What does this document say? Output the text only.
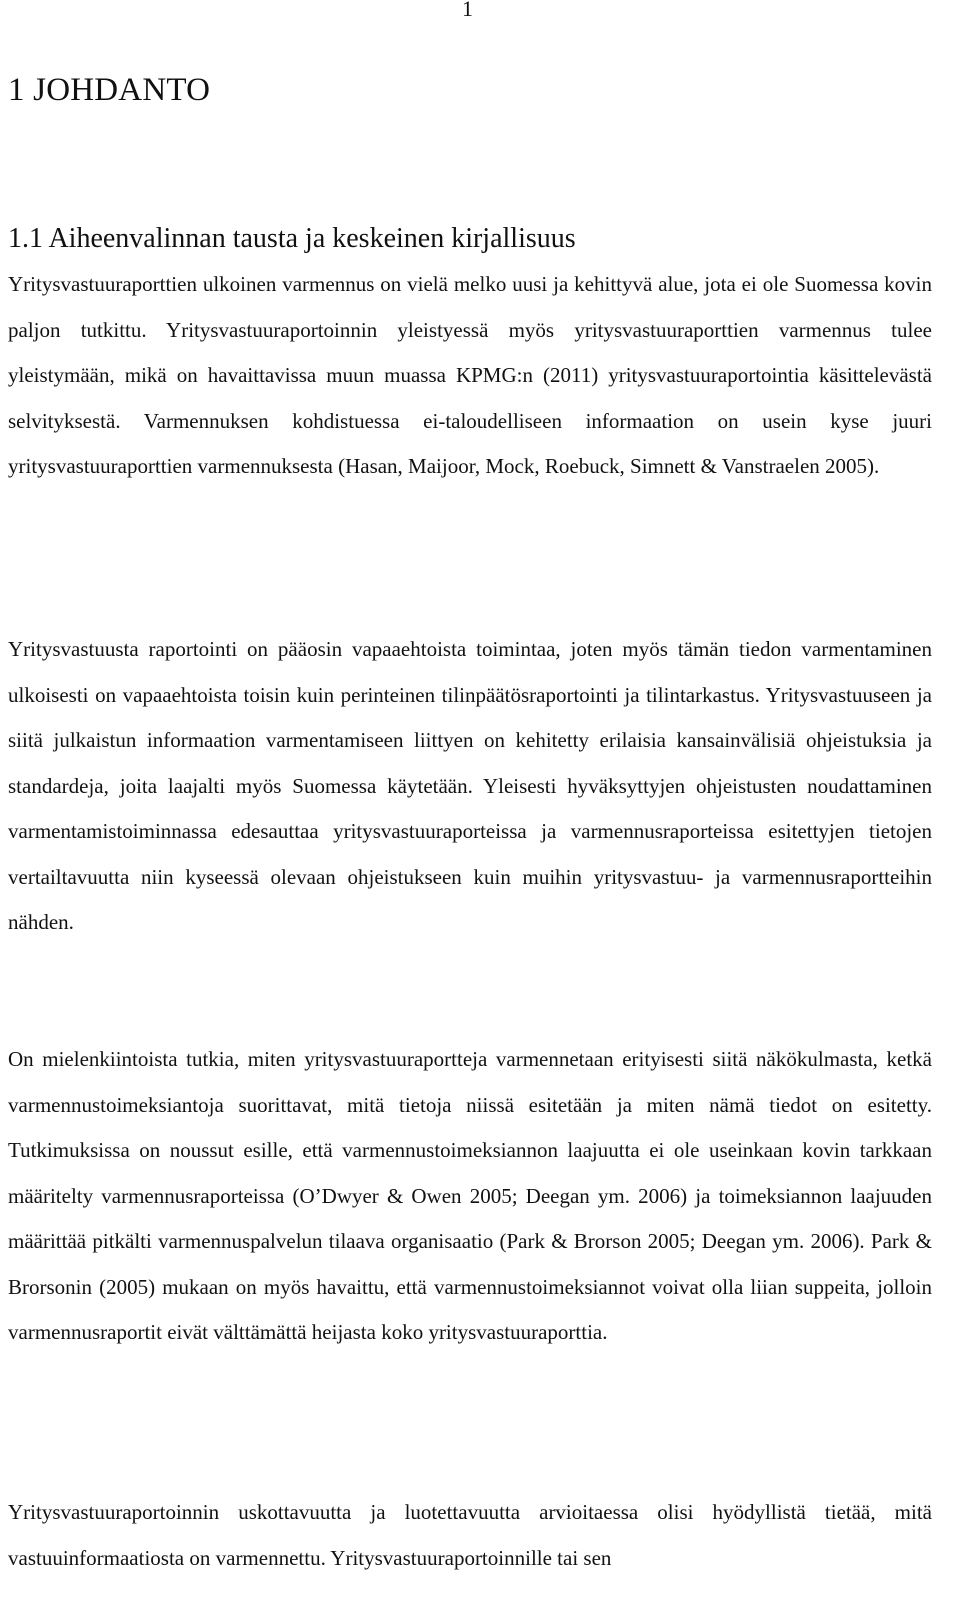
1
1 JOHDANTO
1.1 Aiheenvalinnan tausta ja keskeinen kirjallisuus

Yritysvastuuraporttien ulkoinen varmennus on vielä melko uusi ja kehittyvä alue, jota ei ole Suomessa kovin paljon tutkittu. Yritysvastuuraportoinnin yleistyessä myös yritysvastuuraporttien varmennus tulee yleistymään, mikä on havaittavissa muun muassa KPMG:n (2011) yritysvastuuraportointia käsittelevästä selvityksestä. Varmennuksen kohdistuessa ei-taloudelliseen informaation on usein kyse juuri yritysvastuuraporttien varmennuksesta (Hasan, Maijoor, Mock, Roebuck, Simnett & Vanstraelen 2005).

Yritysvastuusta raportointi on pääosin vapaaehtoista toimintaa, joten myös tämän tiedon varmentaminen ulkoisesti on vapaaehtoista toisin kuin perinteinen tilinpäätösraportointi ja tilintarkastus. Yritysvastuuseen ja siitä julkaistun informaation varmentamiseen liittyen on kehitetty erilaisia kansainvälisiä ohjeistuksia ja standardeja, joita laajalti myös Suomessa käytetään. Yleisesti hyväksyttyjen ohjeistusten noudattaminen varmentamistoiminnassa edesauttaa yritysvastuuraporteissa ja varmennusraporteissa esitettyjen tietojen vertailtavuutta niin kyseessä olevaan ohjeistukseen kuin muihin yritysvastuu- ja varmennusraportteihin nähden.

On mielenkiintoista tutkia, miten yritysvastuuraportteja varmennetaan erityisesti siitä näkökulmasta, ketkä varmennustoimeksiantoja suorittavat, mitä tietoja niissä esitetään ja miten nämä tiedot on esitetty. Tutkimuksissa on noussut esille, että varmennustoimeksiannon laajuutta ei ole useinkaan kovin tarkkaan määritelty varmennusraporteissa (O’Dwyer & Owen 2005; Deegan ym. 2006) ja toimeksiannon laajuuden määrittää pitkälti varmennuspalvelun tilaava organisaatio (Park & Brorson 2005; Deegan ym. 2006). Park & Brorsonin (2005) mukaan on myös havaittu, että varmennustoimeksiannot voivat olla liian suppeita, jolloin varmennusraportit eivät välttämättä heijasta koko yritysvastuuraporttia.

Yritysvastuuraportoinnin uskottavuutta ja luotettavuutta arvioitaessa olisi hyödyllistä tietää, mitä vastuuinformaatiosta on varmennettu. Yritysvastuuraportoinnille tai sen
